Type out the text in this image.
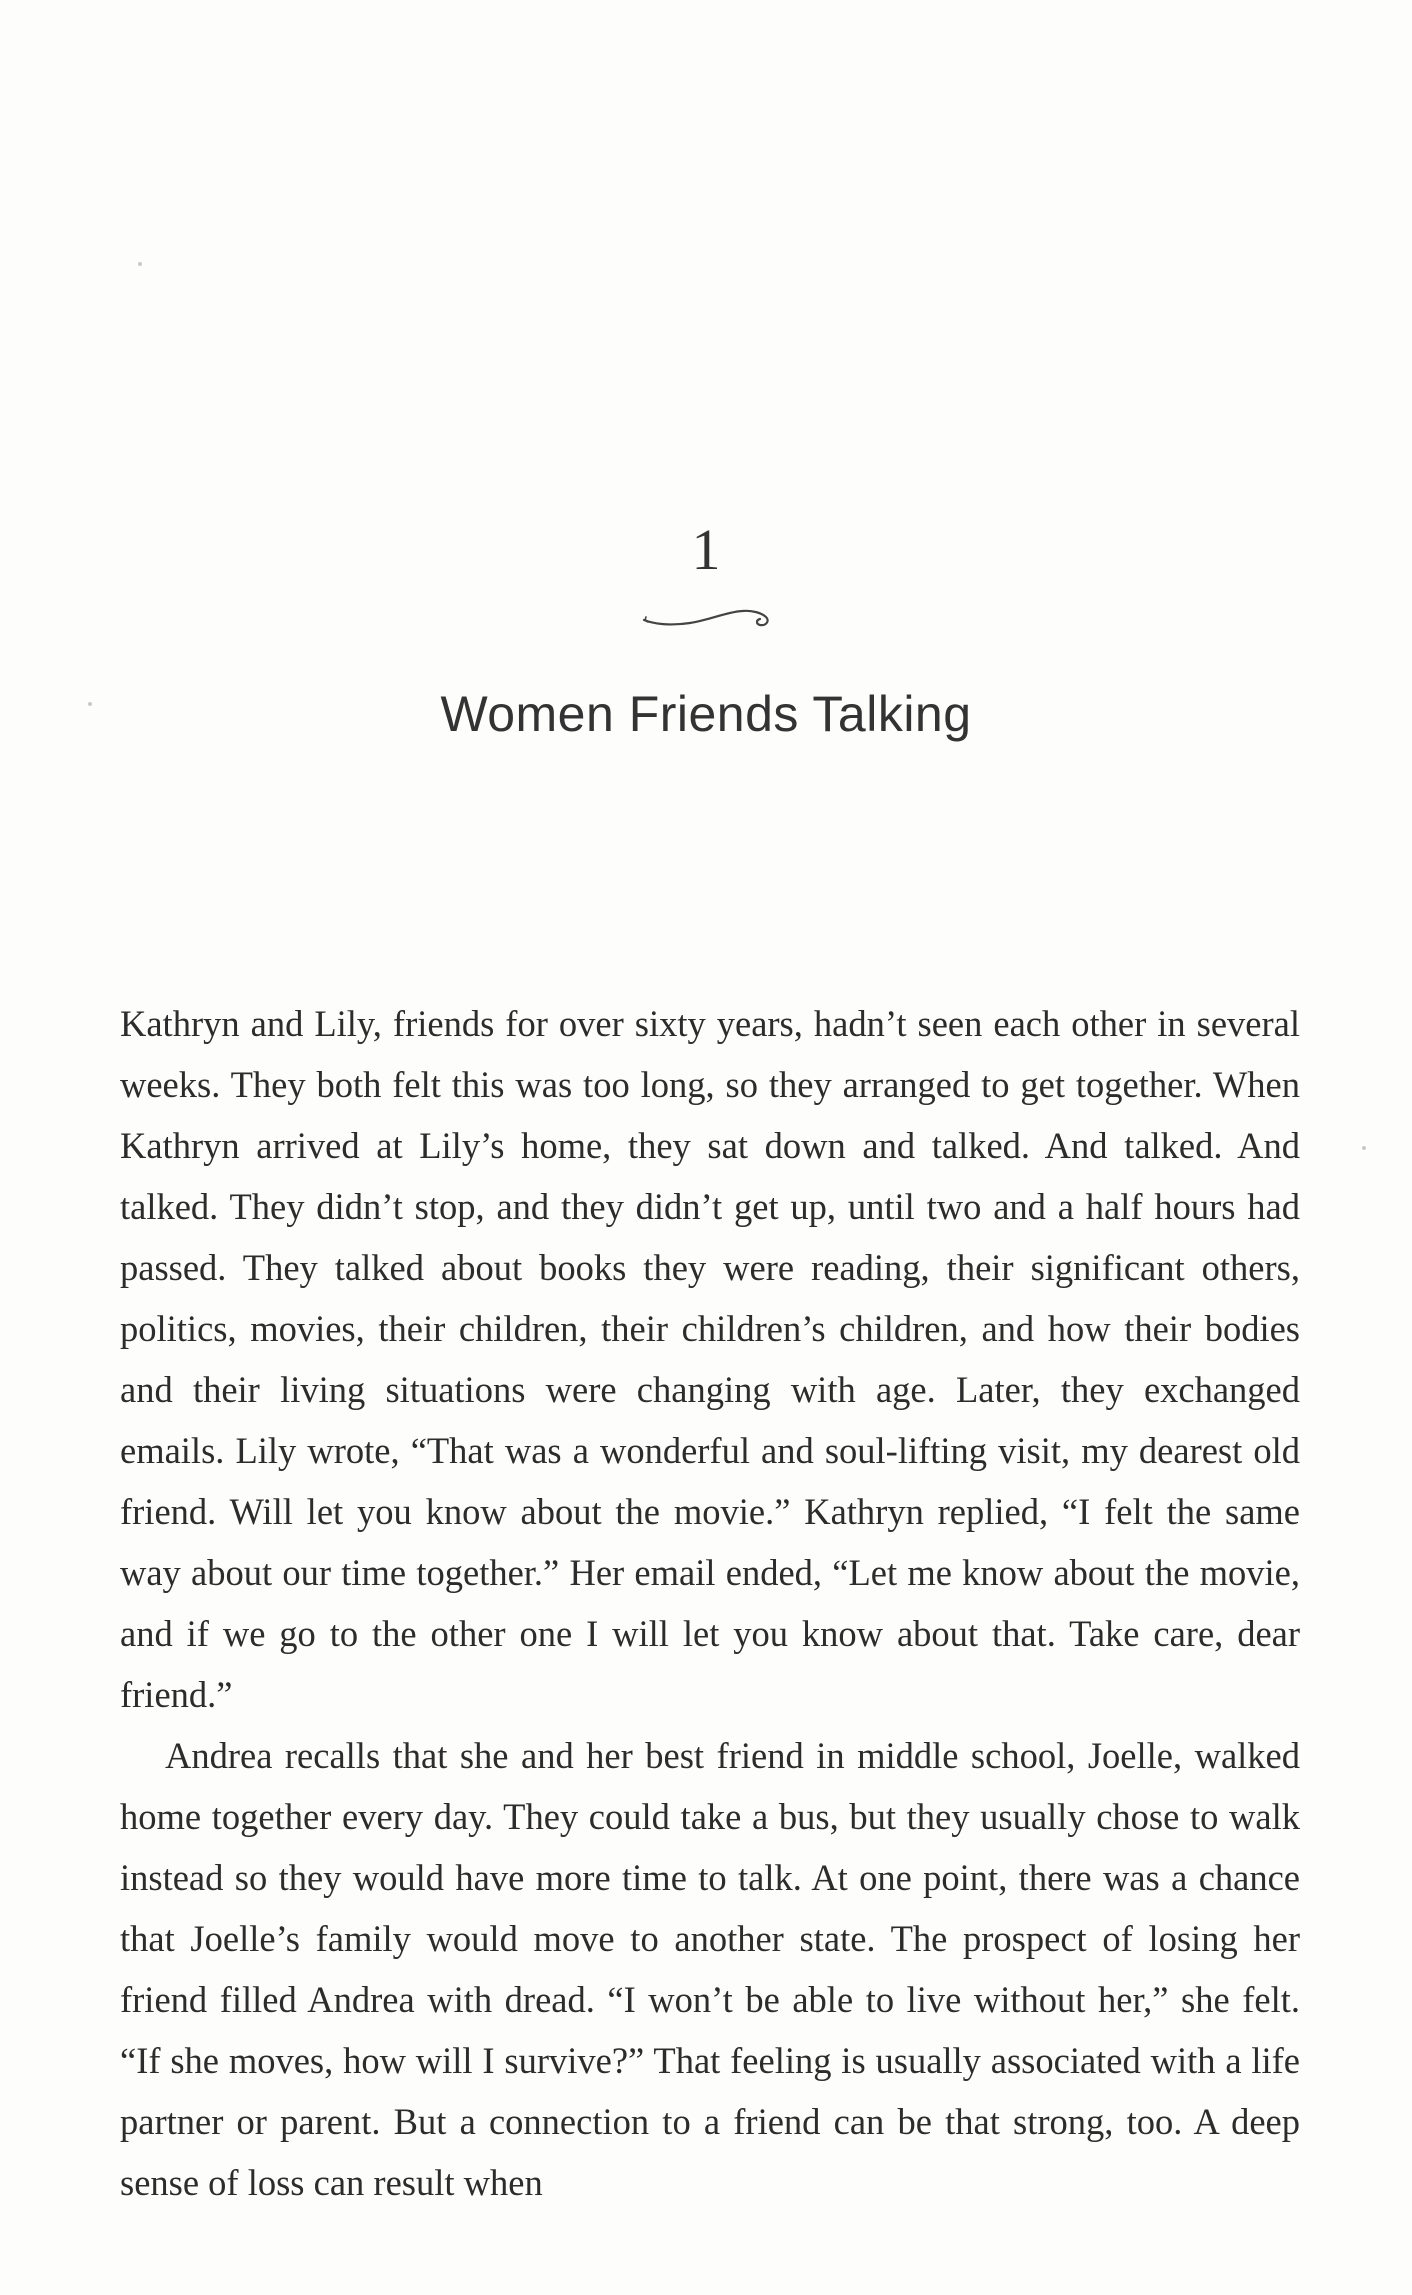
1
Women Friends Talking

Kathryn and Lily, friends for over sixty years, hadn’t seen each other in several weeks. They both felt this was too long, so they arranged to get together. When Kathryn arrived at Lily’s home, they sat down and talked. And talked. And talked. They didn’t stop, and they didn’t get up, until two and a half hours had passed. They talked about books they were reading, their significant others, politics, movies, their children, their children’s children, and how their bodies and their living situations were changing with age. Later, they exchanged emails. Lily wrote, “That was a wonderful and soul-lifting visit, my dearest old friend. Will let you know about the movie.” Kathryn replied, “I felt the same way about our time together.” Her email ended, “Let me know about the movie, and if we go to the other one I will let you know about that. Take care, dear friend.”

Andrea recalls that she and her best friend in middle school, Joelle, walked home together every day. They could take a bus, but they usually chose to walk instead so they would have more time to talk. At one point, there was a chance that Joelle’s family would move to another state. The prospect of losing her friend filled Andrea with dread. “I won’t be able to live without her,” she felt. “If she moves, how will I survive?” That feeling is usually associated with a life partner or parent. But a connection to a friend can be that strong, too. A deep sense of loss can result when
